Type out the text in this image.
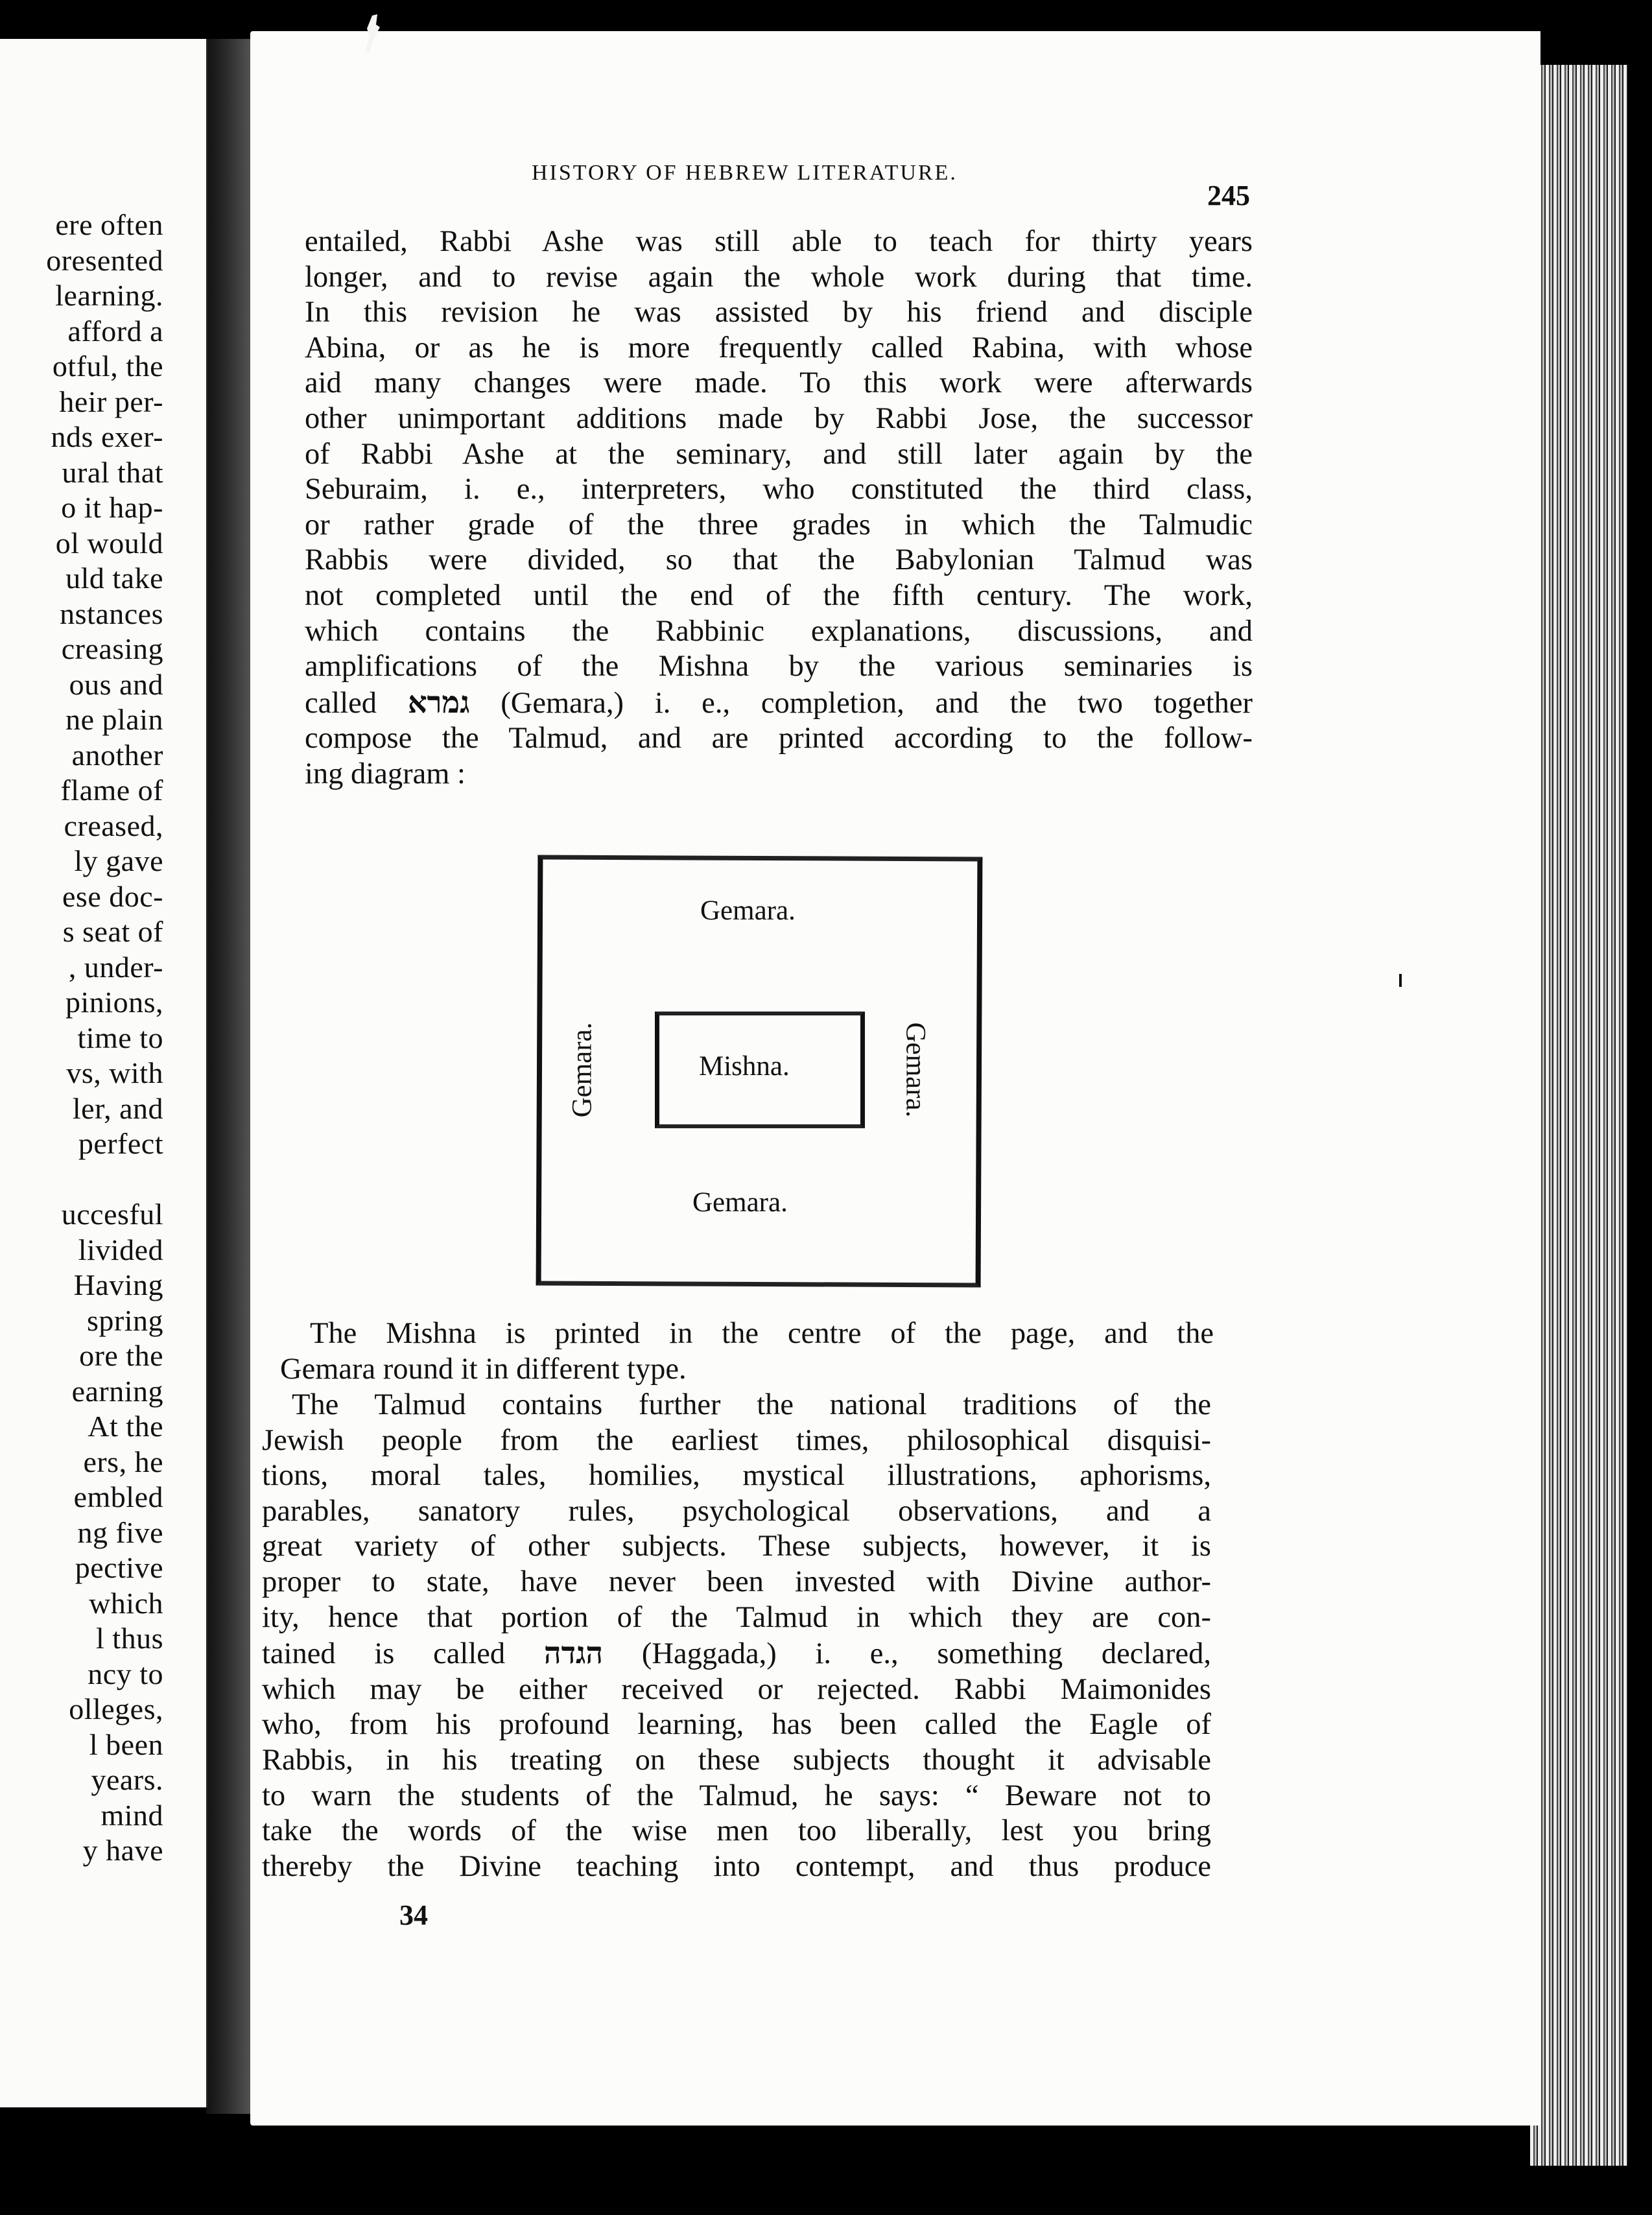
ere often
oresented
learning.
afford a
otful, the
heir per-
nds exer-
ural that
o it hap-
ol would
uld take
nstances
creasing
ous and
ne plain
another
flame of
creased,
ly gave
ese doc-
s seat of
, under-
pinions,
time to
vs, with
ler, and
perfect

uccesful
livided
Having
spring
ore the
earning
At the
ers, he
embled
ng five
pective
which
l thus
ncy to
olleges,
l been
years.
mind
y have
HISTORY OF HEBREW LITERATURE.
245
entailed, Rabbi Ashe was still able to teach for thirty years
longer, and to revise again the whole work during that time.
In this revision he was assisted by his friend and disciple
Abina, or as he is more frequently called Rabina, with whose
aid many changes were made. To this work were afterwards
other unimportant additions made by Rabbi Jose, the successor
of Rabbi Ashe at the seminary, and still later again by the
Seburaim, i. e., interpreters, who constituted the third class,
or rather grade of the three grades in which the Talmudic
Rabbis were divided, so that the Babylonian Talmud was
not completed until the end of the fifth century. The work,
which contains the Rabbinic explanations, discussions, and
amplifications of the Mishna by the various seminaries is
called גמרא (Gemara,) i. e., completion, and the two together
compose the Talmud, and are printed according to the follow-
ing diagram :
Gemara.
Gemara.
Mishna.
Gemara.	Gemara.
The Mishna is printed in the centre of the page, and the
Gemara round it in different type.
The Talmud contains further the national traditions of the
Jewish people from the earliest times, philosophical disquisi-
tions, moral tales, homilies, mystical illustrations, aphorisms,
parables, sanatory rules, psychological observations, and a
great variety of other subjects. These subjects, however, it is
proper to state, have never been invested with Divine author-
ity, hence that portion of the Talmud in which they are con-
tained is called הגדה (Haggada,) i. e., something declared,
which may be either received or rejected. Rabbi Maimonides
who, from his profound learning, has been called the Eagle of
Rabbis, in his treating on these subjects thought it advisable
to warn the students of the Talmud, he says: “ Beware not to
take the words of the wise men too liberally, lest you bring
thereby the Divine teaching into contempt, and thus produce
34
